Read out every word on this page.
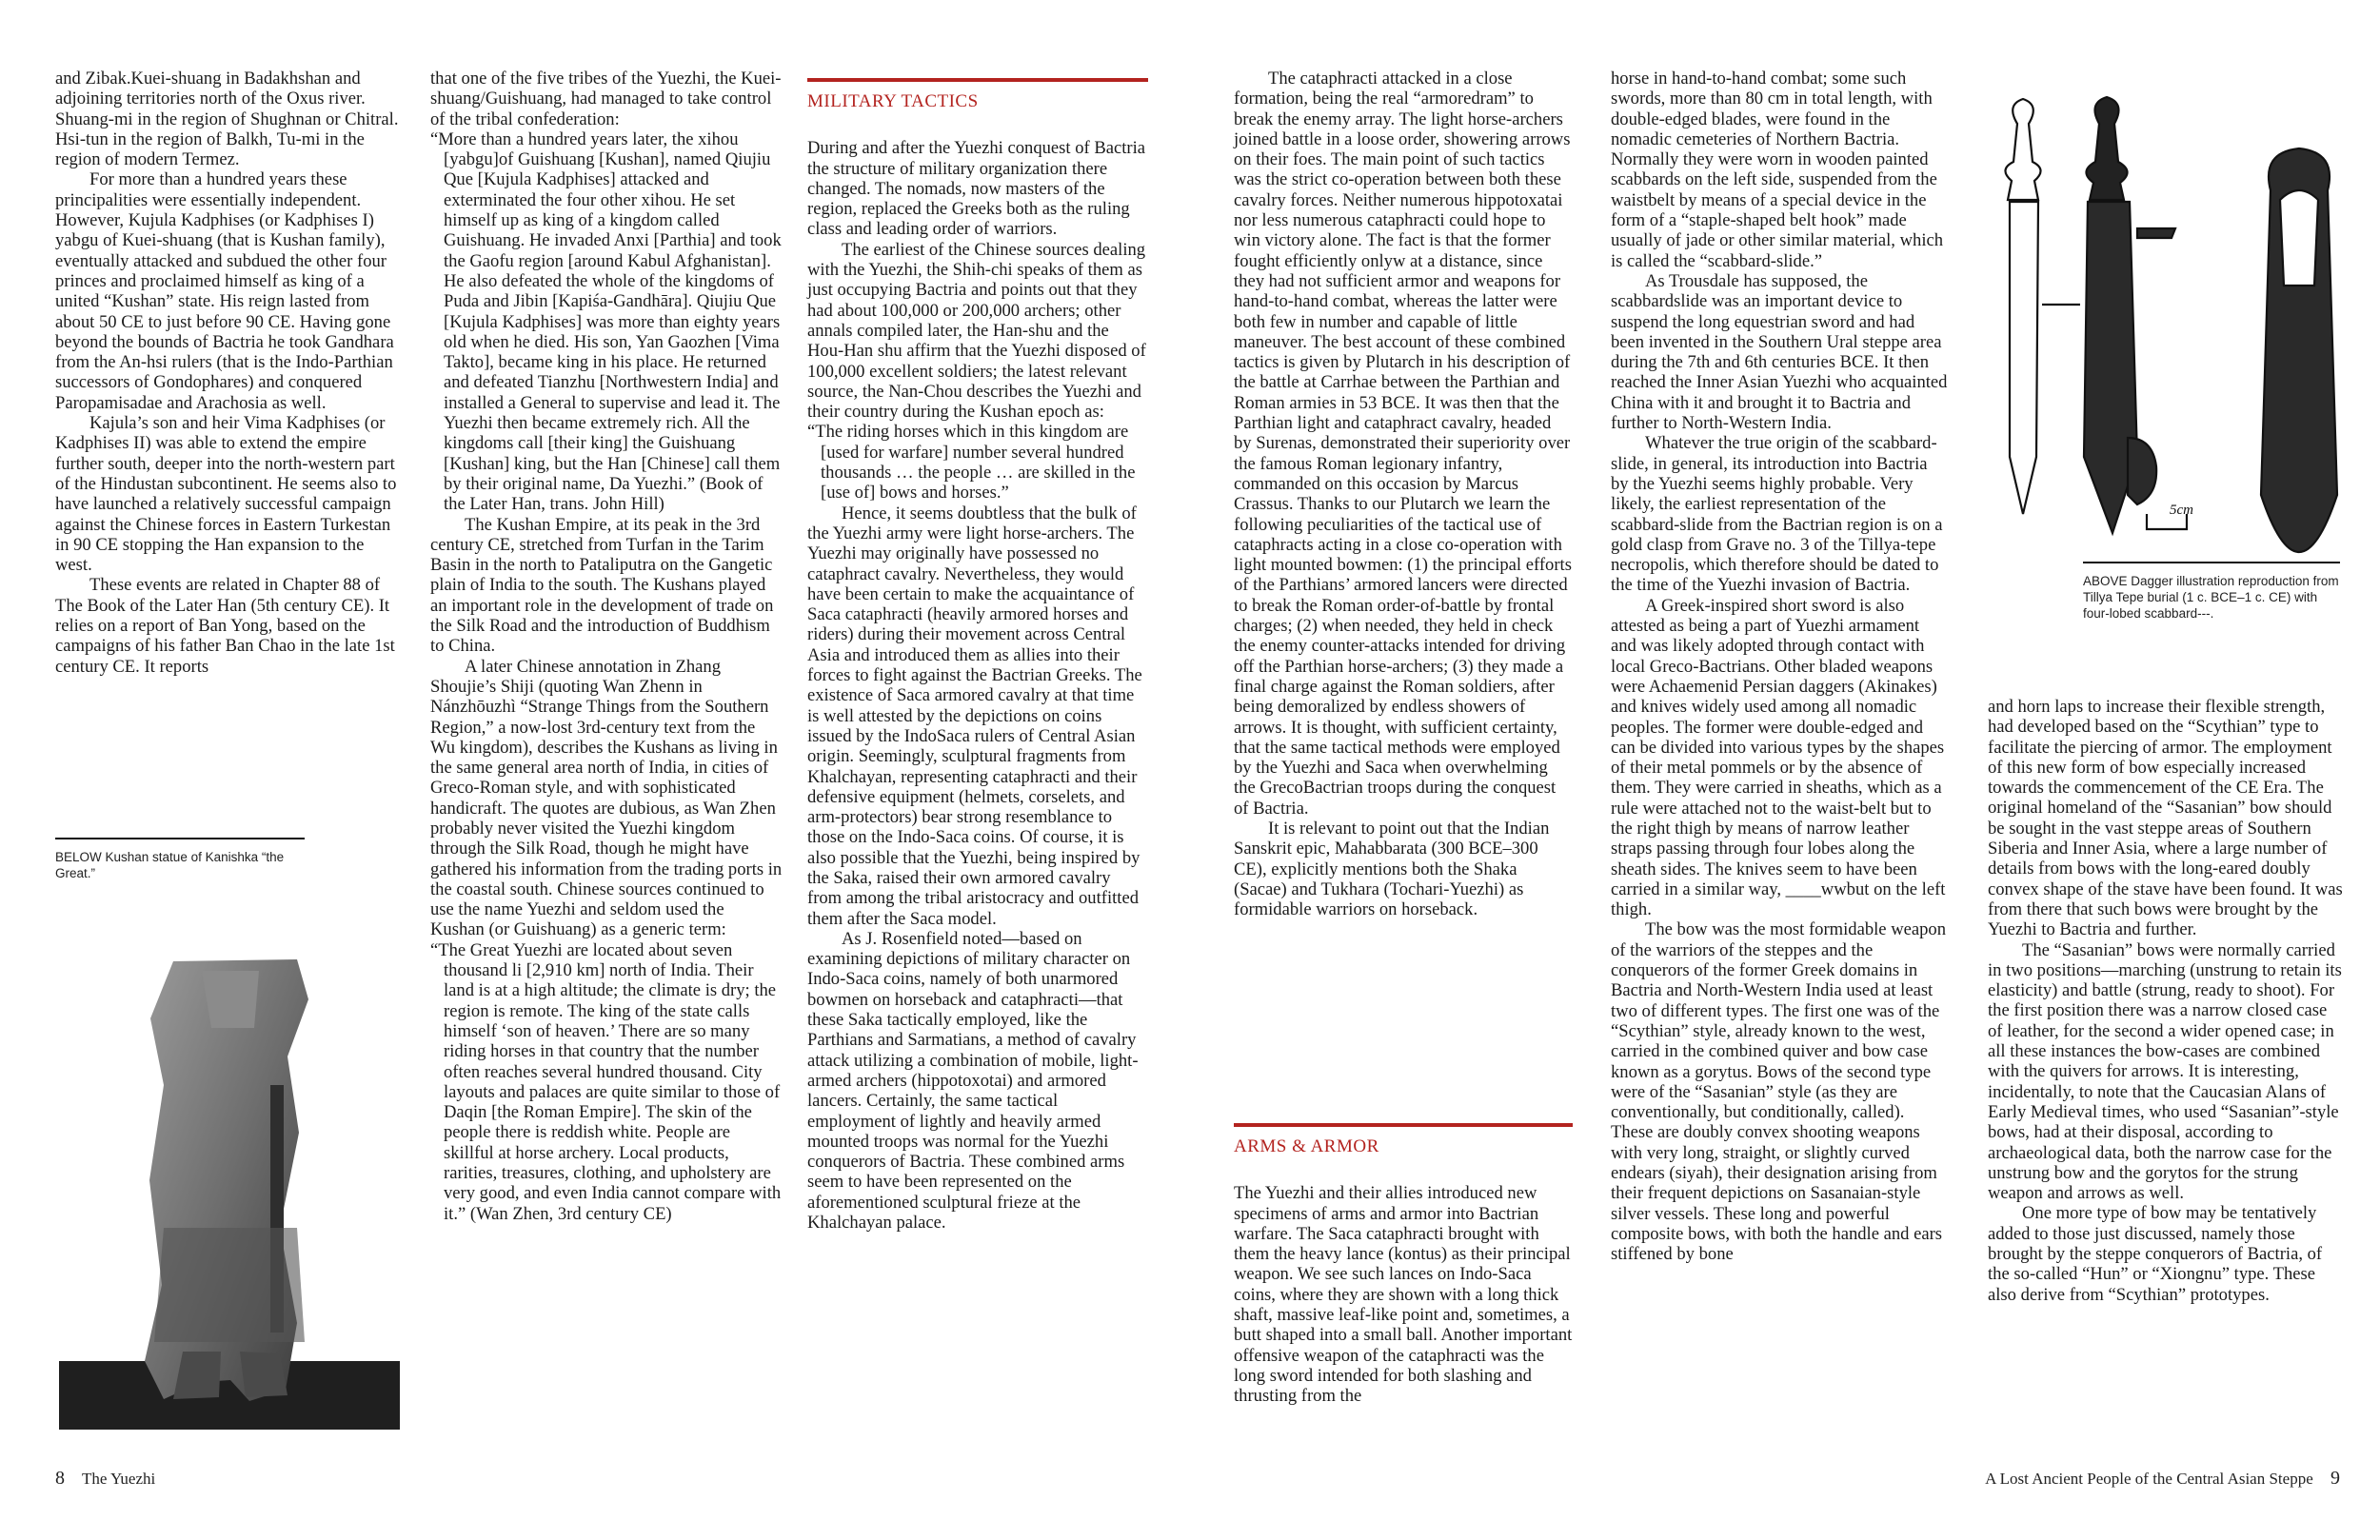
and Zibak.Kuei-shuang in Badakhshan and adjoining territories north of the Oxus river. Shuang-mi in the region of Shughnan or Chitral. Hsi-tun in the region of Balkh, Tu-mi in the region of modern Termez.

For more than a hundred years these principalities were essentially independent. However, Kujula Kadphises (or Kadphises I) yabgu of Kuei-shuang (that is Kushan family), eventually attacked and subdued the other four princes and proclaimed himself as king of a united “Kushan” state. His reign lasted from about 50 CE to just before 90 CE. Having gone beyond the bounds of Bactria he took Gandhara from the An-hsi rulers (that is the Indo-Parthian successors of Gondophares) and conquered Paropamisadae and Arachosia as well.

Kajula’s son and heir Vima Kadphises (or Kadphises II) was able to extend the empire further south, deeper into the north-western part of the Hindustan subcontinent. He seems also to have launched a relatively successful campaign against the Chinese forces in Eastern Turkestan in 90 CE stopping the Han expansion to the west.

These events are related in Chapter 88 of The Book of the Later Han (5th century CE). It relies on a report of Ban Yong, based on the campaigns of his father Ban Chao in the late 1st century CE. It reports

BELOW Kushan statue of Kanishka “the Great.”

that one of the five tribes of the Yuezhi, the Kuei-shuang/Guishuang, had managed to take control of the tribal confederation:

“More than a hundred years later, the xihou [yabgu]of Guishuang [Kushan], named Qiujiu Que [Kujula Kadphises] attacked and exterminated the four other xihou. He set himself up as king of a kingdom called Guishuang. He invaded Anxi [Parthia] and took the Gaofu region [around Kabul Afghanistan]. He also defeated the whole of the kingdoms of Puda and Jibin [Kapiśa-Gandhāra]. Qiujiu Que [Kujula Kadphises] was more than eighty years old when he died. His son, Yan Gaozhen [Vima Takto], became king in his place. He returned and defeated Tianzhu [Northwestern India] and installed a General to supervise and lead it. The Yuezhi then became extremely rich. All the kingdoms call [their king] the Guishuang [Kushan] king, but the Han [Chinese] call them by their original name, Da Yuezhi.” (Book of the Later Han, trans. John Hill)

The Kushan Empire, at its peak in the 3rd century CE, stretched from Turfan in the Tarim Basin in the north to Pataliputra on the Gangetic plain of India to the south. The Kushans played an important role in the development of trade on the Silk Road and the introduction of Buddhism to China.

A later Chinese annotation in Zhang Shoujie’s Shiji (quoting Wan Zhenn in Nánzhōuzhì “Strange Things from the Southern Region,” a now-lost 3rd-century text from the Wu kingdom), describes the Kushans as living in the same general area north of India, in cities of Greco-Roman style, and with sophisticated handicraft. The quotes are dubious, as Wan Zhen probably never visited the Yuezhi kingdom through the Silk Road, though he might have gathered his information from the trading ports in the coastal south. Chinese sources continued to use the name Yuezhi and seldom used the Kushan (or Guishuang) as a generic term:

“The Great Yuezhi are located about seven thousand li [2,910 km] north of India. Their land is at a high altitude; the climate is dry; the region is remote. The king of the state calls himself ‘son of heaven.’ There are so many riding horses in that country that the number often reaches several hundred thousand. City layouts and palaces are quite similar to those of Daqin [the Roman Empire]. The skin of the people there is reddish white. People are skillful at horse archery. Local products, rarities, treasures, clothing, and upholstery are very good, and even India cannot compare with it.” (Wan Zhen, 3rd century CE)

MILITARY TACTICS

During and after the Yuezhi conquest of Bactria the structure of military organization there changed. The nomads, now masters of the region, replaced the Greeks both as the ruling class and leading order of warriors.

The earliest of the Chinese sources dealing with the Yuezhi, the Shih-chi speaks of them as just occupying Bactria and points out that they had about 100,000 or 200,000 archers; other annals compiled later, the Han-shu and the Hou-Han shu affirm that the Yuezhi disposed of 100,000 excellent soldiers; the latest relevant source, the Nan-Chou describes the Yuezhi and their country during the Kushan epoch as:

“The riding horses which in this kingdom are [used for warfare] number several hundred thousands … the people … are skilled in the [use of] bows and horses.”

Hence, it seems doubtless that the bulk of the Yuezhi army were light horse-archers. The Yuezhi may originally have possessed no cataphract cavalry. Nevertheless, they would have been certain to make the acquaintance of Saca cataphracti (heavily armored horses and riders) during their movement across Central Asia and introduced them as allies into their forces to fight against the Bactrian Greeks. The existence of Saca armored cavalry at that time is well attested by the depictions on coins issued by the IndoSaca rulers of Central Asian origin. Seemingly, sculptural fragments from Khalchayan, representing cataphracti and their defensive equipment (helmets, corselets, and arm-protectors) bear strong resemblance to those on the Indo-Saca coins. Of course, it is also possible that the Yuezhi, being inspired by the Saka, raised their own armored cavalry from among the tribal aristocracy and outfitted them after the Saca model.

As J. Rosenfield noted—based on examining depictions of military character on Indo-Saca coins, namely of both unarmored bowmen on horseback and cataphracti—that these Saka tactically employed, like the Parthians and Sarmatians, a method of cavalry attack utilizing a combination of mobile, light-armed archers (hippotoxotai) and armored lancers. Certainly, the same tactical employment of lightly and heavily armed mounted troops was normal for the Yuezhi conquerors of Bactria. These combined arms seem to have been represented on the aforementioned sculptural frieze at the Khalchayan palace.

The cataphracti attacked in a close formation, being the real “armoredram” to break the enemy array. The light horse-archers joined battle in a loose order, showering arrows on their foes. The main point of such tactics was the strict co-operation between both these cavalry forces. Neither numerous hippotoxatai nor less numerous cataphracti could hope to win victory alone. The fact is that the former fought efficiently onlyw at a distance, since they had not sufficient armor and weapons for hand-to-hand combat, whereas the latter were both few in number and capable of little maneuver. The best account of these combined tactics is given by Plutarch in his description of the battle at Carrhae between the Parthian and Roman armies in 53 BCE. It was then that the Parthian light and cataphract cavalry, headed by Surenas, demonstrated their superiority over the famous Roman legionary infantry, commanded on this occasion by Marcus Crassus. Thanks to our Plutarch we learn the following peculiarities of the tactical use of cataphracts acting in a close co-operation with light mounted bowmen: (1) the principal efforts of the Parthians’ armored lancers were directed to break the Roman order-of-battle by frontal charges; (2) when needed, they held in check the enemy counter-attacks intended for driving off the Parthian horse-archers; (3) they made a final charge against the Roman soldiers, after being demoralized by endless showers of arrows. It is thought, with sufficient certainty, that the same tactical methods were employed by the Yuezhi and Saca when overwhelming the GrecoBactrian troops during the conquest of Bactria.

It is relevant to point out that the Indian Sanskrit epic, Mahabbarata (300 BCE–300 CE), explicitly mentions both the Shaka (Sacae) and Tukhara (Tochari-Yuezhi) as formidable warriors on horseback.

ARMS & ARMOR

The Yuezhi and their allies introduced new specimens of arms and armor into Bactrian warfare. The Saca cataphracti brought with them the heavy lance (kontus) as their principal weapon. We see such lances on Indo-Saca coins, where they are shown with a long thick shaft, massive leaf-like point and, sometimes, a butt shaped into a small ball. Another important offensive weapon of the cataphracti was the long sword intended for both slashing and thrusting from the

horse in hand-to-hand combat; some such swords, more than 80 cm in total length, with double-edged blades, were found in the nomadic cemeteries of Northern Bactria. Normally they were worn in wooden painted scabbards on the left side, suspended from the waistbelt by means of a special device in the form of a “staple-shaped belt hook” made usually of jade or other similar material, which is called the “scabbard-slide.”

As Trousdale has supposed, the scabbardslide was an important device to suspend the long equestrian sword and had been invented in the Southern Ural steppe area during the 7th and 6th centuries BCE. It then reached the Inner Asian Yuezhi who acquainted China with it and brought it to Bactria and further to North-Western India.

Whatever the true origin of the scabbard-slide, in general, its introduction into Bactria by the Yuezhi seems highly probable. Very likely, the earliest representation of the scabbard-slide from the Bactrian region is on a gold clasp from Grave no. 3 of the Tillya-tepe necropolis, which therefore should be dated to the time of the Yuezhi invasion of Bactria.

A Greek-inspired short sword is also attested as being a part of Yuezhi armament and was likely adopted through contact with local Greco-Bactrians. Other bladed weapons were Achaemenid Persian daggers (Akinakes) and knives widely used among all nomadic peoples. The former were double-edged and can be divided into various types by the shapes of their metal pommels or by the absence of them. They were carried in sheaths, which as a rule were attached not to the waist-belt but to the right thigh by means of narrow leather straps passing through four lobes along the sheath sides. The knives seem to have been carried in a similar way, ____wwbut on the left thigh.

The bow was the most formidable weapon of the warriors of the steppes and the conquerors of the former Greek domains in Bactria and North-Western India used at least two of different types. The first one was of the “Scythian” style, already known to the west, carried in the combined quiver and bow case known as a gorytus. Bows of the second type were of the “Sasanian” style (as they are conventionally, but conditionally, called). These are doubly convex shooting weapons with very long, straight, or slightly curved endears (siyah), their designation arising from their frequent depictions on Sasanaian-style silver vessels. These long and powerful composite bows, with both the handle and ears stiffened by bone

5cm
ABOVE Dagger illustration reproduction from Tillya Tepe burial (1 c. BCE–1 c. CE) with four-lobed scabbard---.

and horn laps to increase their flexible strength, had developed based on the “Scythian” type to facilitate the piercing of armor. The employment of this new form of bow especially increased towards the commencement of the CE Era. The original homeland of the “Sasanian” bow should be sought in the vast steppe areas of Southern Siberia and Inner Asia, where a large number of details from bows with the long-eared doubly convex shape of the stave have been found. It was from there that such bows were brought by the Yuezhi to Bactria and further.

The “Sasanian” bows were normally carried in two positions—marching (unstrung to retain its elasticity) and battle (strung, ready to shoot). For the first position there was a narrow closed case of leather, for the second a wider opened case; in all these instances the bow-cases are combined with the quivers for arrows. It is interesting, incidentally, to note that the Caucasian Alans of Early Medieval times, who used “Sasanian”-style bows, had at their disposal, according to archaeological data, both the narrow case for the unstrung bow and the gorytos for the strung weapon and arrows as well.

One more type of bow may be tentatively added to those just discussed, namely those brought by the steppe conquerors of Bactria, of the so-called “Hun” or “Xiongnu” type. These also derive from “Scythian” prototypes.

8 The Yuezhi	A Lost Ancient People of the Central Asian Steppe 9
